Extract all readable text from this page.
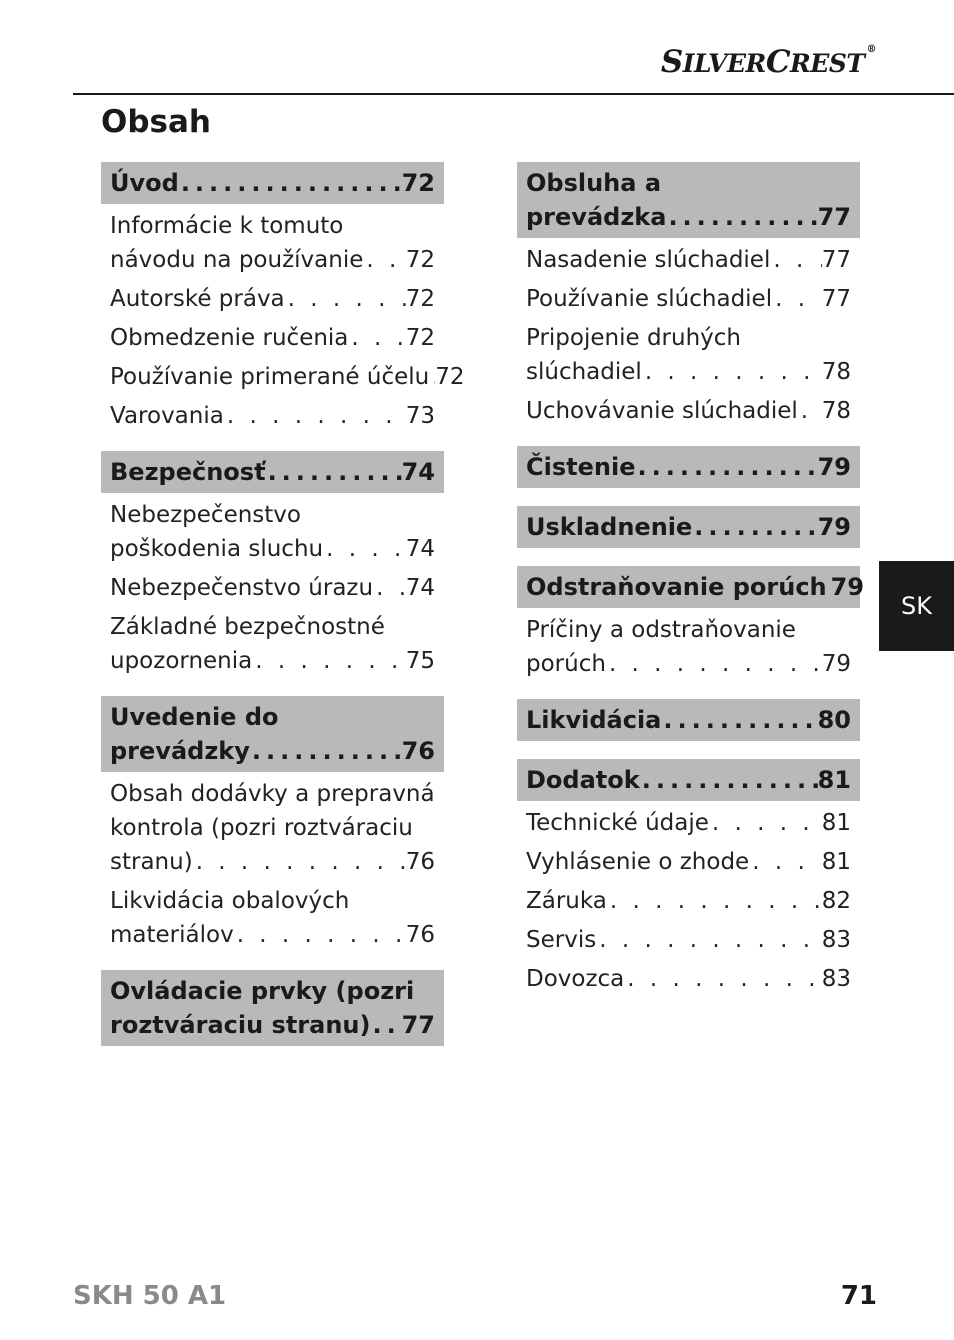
SILVERCREST ®
Obsah
Úvod .....	72
Informácie k tomuto
návodu na používanie . . . 72
Autorské práva . . .	72
Obmedzenie ručenia . . . 72
Používanie primerané účelu . . . 72
Varovania . . .	73
Bezpečnosť .....	74
Nebezpečenstvo
poškodenia sluchu . . .	74
Nebezpečenstvo úrazu . . . 74
Základné bezpečnostné
upozornenia . . .	75
Uvedenie do
prevádzky .....	76
Obsah dodávky a prepravná
kontrola (pozri roztváraciu
stranu) . . .	76
Likvidácia obalových
materiálov . . .	76
Ovládacie prvky (pozri
roztváraciu stranu) ..... 77
Obsluha a
prevádzka .....	77
Nasadenie slúchadiel . . . 77
Používanie slúchadiel . . . 77
Pripojenie druhých
slúchadiel . . .	78
Uchovávanie slúchadiel . . . 78
Čistenie .....	79
Uskladnenie .....	79
Odstraňovanie porúch ..... 79
Príčiny a odstraňovanie
porúch . . .	79
Likvidácia .....	80
Dodatok .....	81
Technické údaje . . .	81
Vyhlásenie o zhode . . .	81
Záruka . . .	82
Servis . . .	83
Dovozca . . .	83
SK
SKH 50 A1	71
